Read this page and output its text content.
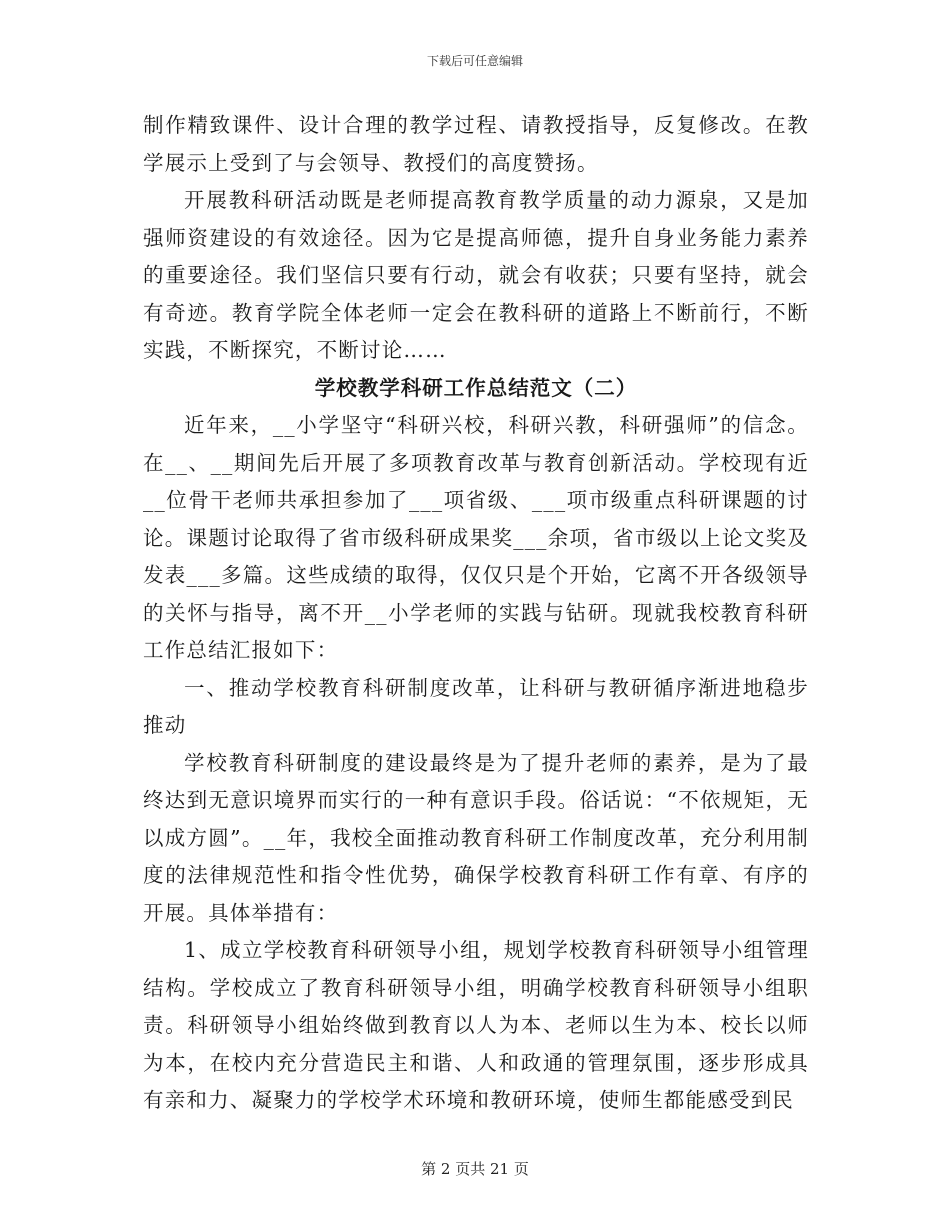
下载后可任意编辑

制作精致课件、设计合理的教学过程、请教授指导，反复修改。在教学展示上受到了与会领导、教授们的高度赞扬。

开展教科研活动既是老师提高教育教学质量的动力源泉，又是加强师资建设的有效途径。因为它是提高师德，提升自身业务能力素养的重要途径。我们坚信只要有行动，就会有收获；只要有坚持，就会有奇迹。教育学院全体老师一定会在教科研的道路上不断前行，不断实践，不断探究，不断讨论……

学校教学科研工作总结范文（二）

近年来，__小学坚守“科研兴校，科研兴教，科研强师”的信念。在__、__期间先后开展了多项教育改革与教育创新活动。学校现有近__位骨干老师共承担参加了___项省级、___项市级重点科研课题的讨论。课题讨论取得了省市级科研成果奖___余项，省市级以上论文奖及发表___多篇。这些成绩的取得，仅仅只是个开始，它离不开各级领导的关怀与指导，离不开__小学老师的实践与钻研。现就我校教育科研工作总结汇报如下：

一、推动学校教育科研制度改革，让科研与教研循序渐进地稳步推动

学校教育科研制度的建设最终是为了提升老师的素养，是为了最终达到无意识境界而实行的一种有意识手段。俗话说：“不依规矩，无以成方圆”。__年，我校全面推动教育科研工作制度改革，充分利用制度的法律规范性和指令性优势，确保学校教育科研工作有章、有序的开展。具体举措有：

1、成立学校教育科研领导小组，规划学校教育科研领导小组管理结构。学校成立了教育科研领导小组，明确学校教育科研领导小组职责。科研领导小组始终做到教育以人为本、老师以生为本、校长以师为本，在校内充分营造民主和谐、人和政通的管理氛围，逐步形成具有亲和力、凝聚力的学校学术环境和教研环境，使师生都能感受到民

第 2 页共 21 页
